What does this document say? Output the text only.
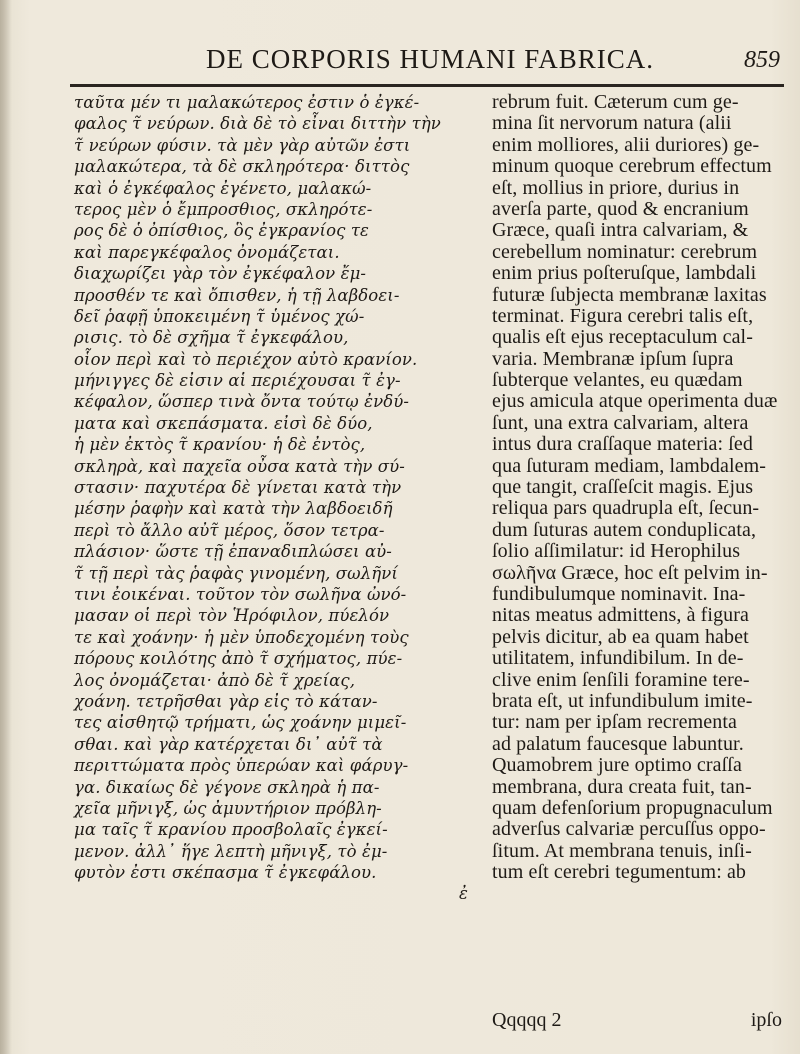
DE CORPORIS HUMANI FABRICA.	859
ταῦτα μέν τι μαλακώτερος ἐστιν ὁ ἐγκέ-
φαλος τ̃ νεύρων. διὰ δὲ τὸ εἶναι διττὴν τὴν
τ̃ νεύρων φύσιν. τὰ μὲν γὰρ αὐτῶν ἐστι
μαλακώτερα, τὰ δὲ σκληρότερα· διττὸς
καὶ ὁ ἐγκέφαλος ἐγένετο, μαλακώ-
τερος μὲν ὁ ἔμπροσθιος, σκληρότε-
ρος δὲ ὁ ὀπίσθιος, ὃς ἐγκρανίος τε
καὶ παρεγκέφαλος ὀνομάζεται.
διαχωρίζει γὰρ τὸν ἐγκέφαλον ἔμ-
προσθέν τε καὶ ὄπισθεν, ἡ τῇ λαβδοει-
δεῖ ῥαφῇ ὑποκειμένη τ̃ ὑμένος χώ-
ρισις. τὸ δὲ σχῆμα τ̃ ἐγκεφάλου,
οἷον περὶ καὶ τὸ περιέχον αὐτὸ κρανίον.
μήνιγγες δὲ εἰσιν αἱ περιέχουσαι τ̃ ἐγ-
κέφαλον, ὥσπερ τινὰ ὄντα τούτῳ ἐνδύ-
ματα καὶ σκεπάσματα. εἰσὶ δὲ δύο,
ἡ μὲν ἐκτὸς τ̃ κρανίου· ἡ δὲ ἐντὸς,
σκληρὰ, καὶ παχεῖα οὖσα κατὰ τὴν σύ-
στασιν· παχυτέρα δὲ γίνεται κατὰ τὴν
μέσην ῥαφὴν καὶ κατὰ τὴν λαβδοειδῆ
περὶ τὸ ἄλλο αὐτ̃ μέρος, ὅσον τετρα-
πλάσιον· ὥστε τῇ ἐπαναδιπλώσει αὐ-
τ̃ τῇ περὶ τὰς ῥαφὰς γινομένη, σωλῆνί
τινι ἐοικέναι. τοῦτον τὸν σωλῆνα ὠνό-
μασαν οἱ περὶ τὸν Ἡρόφιλον, πύελόν
τε καὶ χοάνην· ἡ μὲν ὑποδεχομένη τοὺς
πόρους κοιλότης ἀπὸ τ̃ σχήματος, πύε-
λος ὀνομάζεται· ἀπὸ δὲ τ̃ χρείας,
χοάνη. τετρῆσθαι γὰρ εἰς τὸ κάταν-
τες αἰσθητῷ τρήματι, ὡς χοάνην μιμεῖ-
σθαι. καὶ γὰρ κατέρχεται δι᾽ αὐτ̃ τὰ
περιττώματα πρὸς ὑπερώαν καὶ φάρυγ-
γα. δικαίως δὲ γέγονε σκληρὰ ἡ πα-
χεῖα μῆνιγξ, ὡς ἀμυντήριον πρόβλη-
μα ταῖς τ̃ κρανίου προσβολαῖς ἐγκεί-
μενον. ἀλλ᾽ ἥγε λεπτὴ μῆνιγξ, τὸ ἐμ-
φυτὸν ἐστι σκέπασμα τ̃ ἐγκεφάλου.
ἐ
rebrum fuit. Cæterum cum ge-
mina ſit nervorum natura (alii
enim molliores, alii duriores) ge-
minum quoque cerebrum effectum
eſt, mollius in priore, durius in
averſa parte, quod & encranium
Græce, quaſi intra calvariam, &
cerebellum nominatur: cerebrum
enim prius poſteruſque, lambdali
futuræ ſubjecta membranæ laxitas
terminat. Figura cerebri talis eſt,
qualis eſt ejus receptaculum cal-
varia. Membranæ ipſum ſupra
ſubterque velantes, eu quædam
ejus amicula atque operimenta duæ
ſunt, una extra calvariam, altera
intus dura craſſaque materia: ſed
qua ſuturam mediam, lambdalem-
que tangit, craſſeſcit magis. Ejus
reliqua pars quadrupla eſt, ſecun-
dum ſuturas autem conduplicata,
ſolio aſſimilatur: id Herophilus
σωλῆνα Græce, hoc eſt pelvim in-
fundibulumque nominavit. Ina-
nitas meatus admittens, à figura
pelvis dicitur, ab ea quam habet
utilitatem, infundibilum. In de-
clive enim ſenſili foramine tere-
brata eſt, ut infundibulum imite-
tur: nam per ipſam recrementa
ad palatum faucesque labuntur.
Quamobrem jure optimo craſſa
membrana, dura creata fuit, tan-
quam defenſorium propugnaculum
adverſus calvariæ percuſſus oppo-
ſitum. At membrana tenuis, inſi-
tum eſt cerebri tegumentum: ab
Qqqqq 2	ipſo
